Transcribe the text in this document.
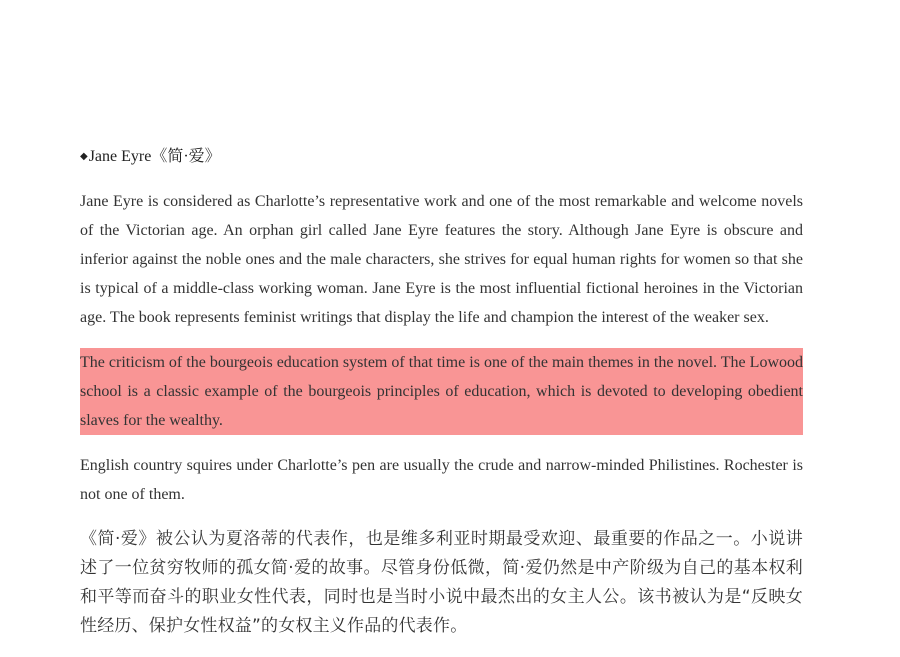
◆Jane Eyre《简·爱》

Jane Eyre is considered as Charlotte’s representative work and one of the most remarkable and welcome novels of the Victorian age. An orphan girl called Jane Eyre features the story. Although Jane Eyre is obscure and inferior against the noble ones and the male characters, she strives for equal human rights for women so that she is typical of a middle-class working woman. Jane Eyre is the most influential fictional heroines in the Victorian age. The book represents feminist writings that display the life and champion the interest of the weaker sex.

The criticism of the bourgeois education system of that time is one of the main themes in the novel. The Lowood school is a classic example of the bourgeois principles of education, which is devoted to developing obedient slaves for the wealthy.

English country squires under Charlotte’s pen are usually the crude and narrow-minded Philistines. Rochester is not one of them.

《简·爱》被公认为夏洛蒂的代表作，也是维多利亚时期最受欢迎、最重要的作品之一。小说讲述了一位贫穷牧师的孤女简·爱的故事。尽管身份低微，简·爱仍然是中产阶级为自己的基本权利和平等而奋斗的职业女性代表，同时也是当时小说中最杰出的女主人公。该书被认为是“反映女性经历、保护女性权益”的女权主义作品的代表作。
